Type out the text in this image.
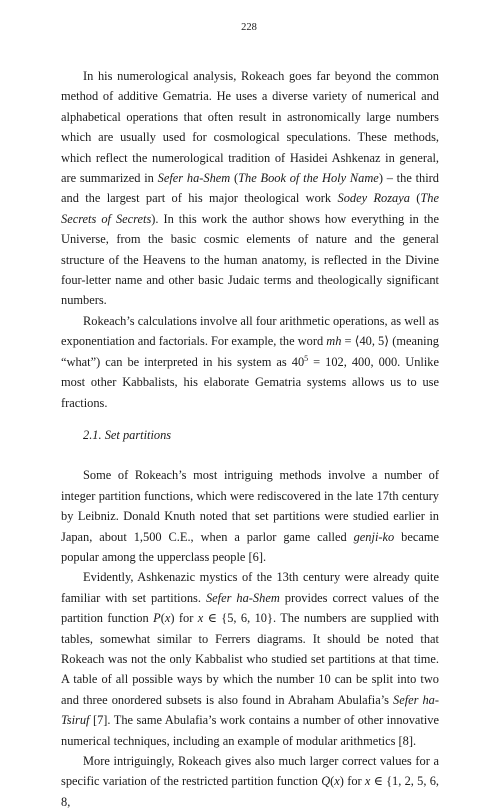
228

In his numerological analysis, Rokeach goes far beyond the common method of additive Gematria. He uses a diverse variety of numerical and alphabetical operations that often result in astronomically large numbers which are usually used for cosmological speculations. These methods, which reflect the numerological tradition of Hasidei Ashkenaz in general, are summarized in Sefer ha-Shem (The Book of the Holy Name) – the third and the largest part of his major theological work Sodey Rozaya (The Secrets of Secrets). In this work the author shows how everything in the Universe, from the basic cosmic elements of nature and the general structure of the Heavens to the human anatomy, is reflected in the Divine four-letter name and other basic Judaic terms and theologically significant numbers.

Rokeach’s calculations involve all four arithmetic operations, as well as exponentiation and factorials. For example, the word mh = ⟨40, 5⟩ (meaning “what”) can be interpreted in his system as $40^5 = 102$, 400, 000. Unlike most other Kabbalists, his elaborate Gematria systems allows us to use fractions.

2.1. Set partitions

Some of Rokeach’s most intriguing methods involve a number of integer partition functions, which were rediscovered in the late 17th century by Leibniz. Donald Knuth noted that set partitions were studied earlier in Japan, about 1,500 C.E., when a parlor game called genji-ko became popular among the upperclass people [6].

Evidently, Ashkenazic mystics of the 13th century were already quite familiar with set partitions. Sefer ha-Shem provides correct values of the partition function P(x) for x ∈ {5, 6, 10}. The numbers are supplied with tables, somewhat similar to Ferrers diagrams. It should be noted that Rokeach was not the only Kabbalist who studied set partitions at that time. A table of all possible ways by which the number 10 can be split into two and three onordered subsets is also found in Abraham Abulafia’s Sefer ha-Tsiruf [7]. The same Abulafia’s work contains a number of other innovative numerical techniques, including an example of modular arithmetics [8].

More intriguingly, Rokeach gives also much larger correct values for a specific variation of the restricted partition function Q(x) for x ∈ {1, 2, 5, 6, 8,
